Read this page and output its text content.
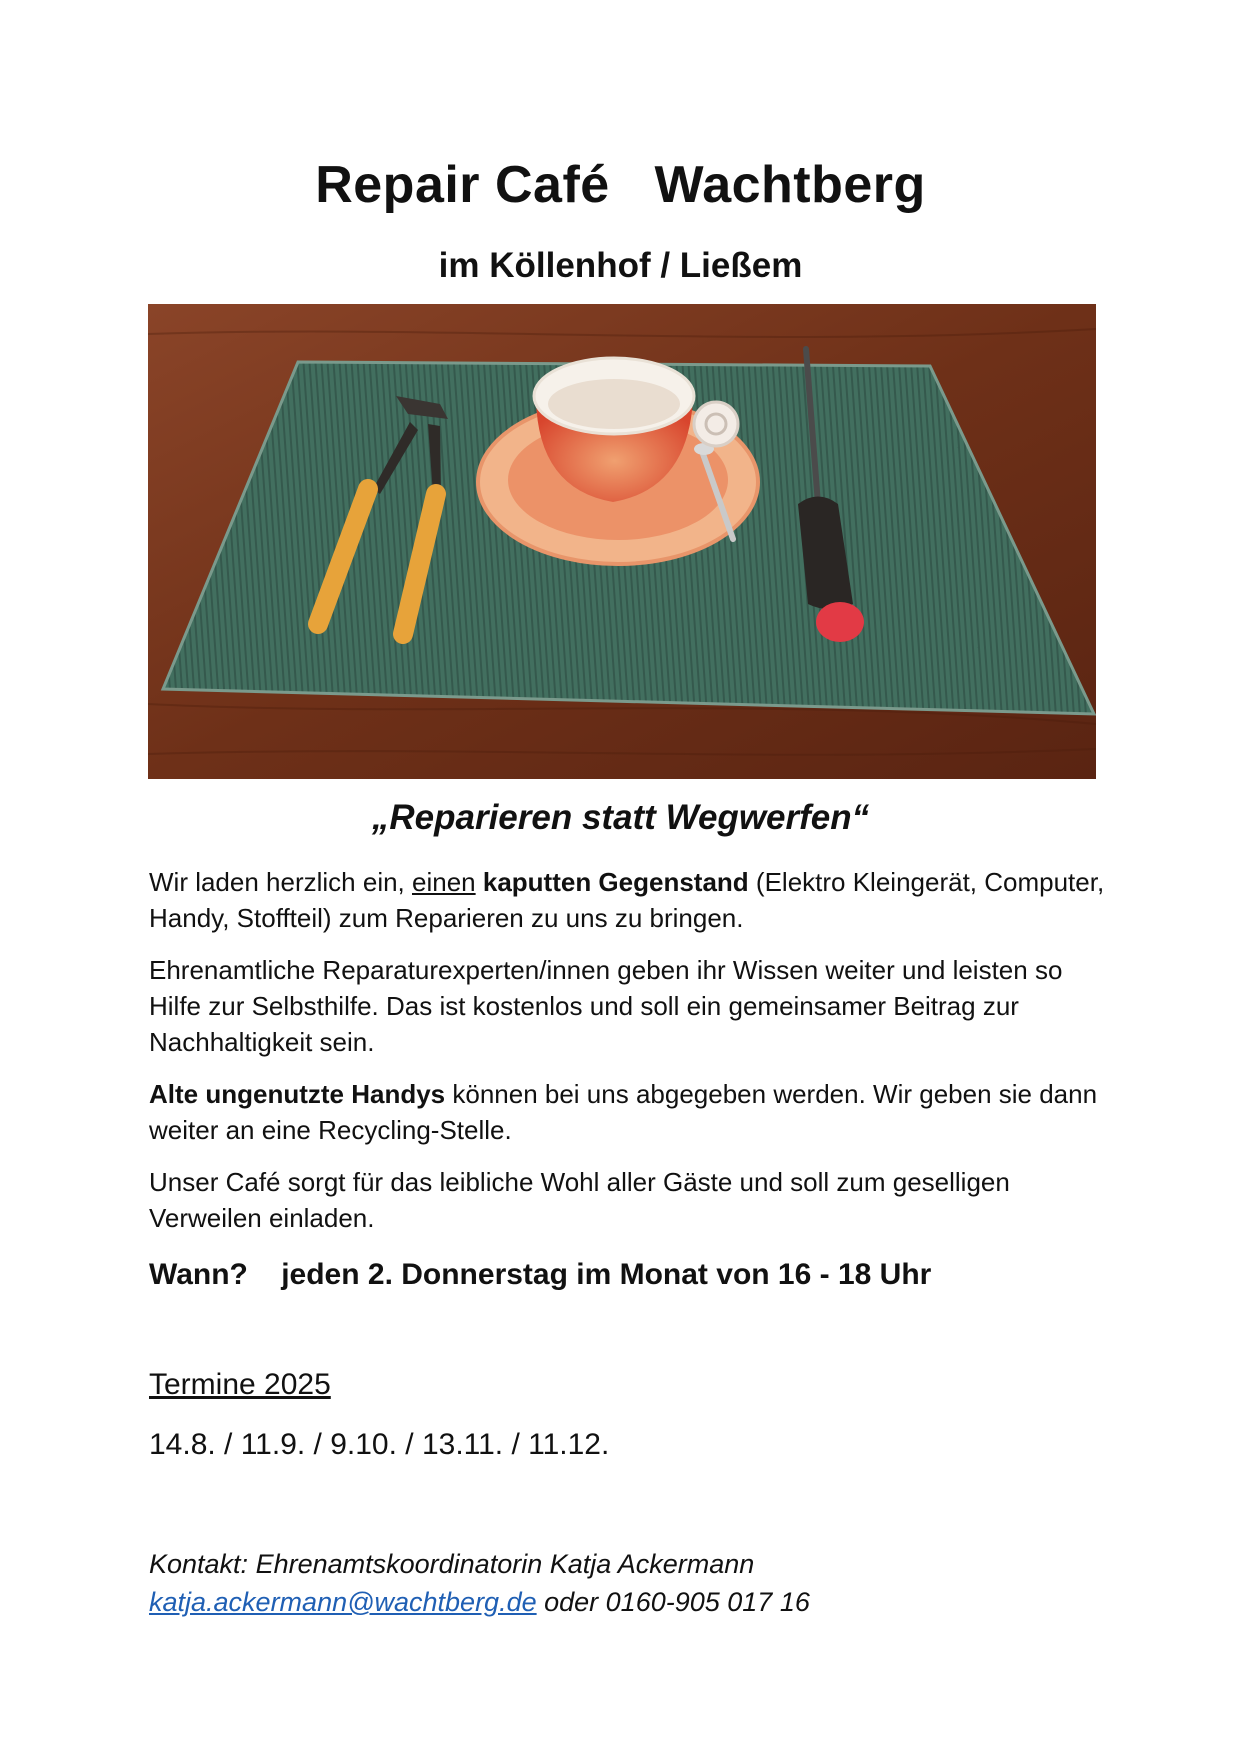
Repair Café   Wachtberg
im Köllenhof / Ließem
„Reparieren statt Wegwerfen“
Wir laden herzlich ein, einen kaputten Gegenstand (Elektro Kleingerät, Computer, Handy, Stoffteil) zum Reparieren zu uns zu bringen.
Ehrenamtliche Reparaturexperten/innen geben ihr Wissen weiter und leisten so Hilfe zur Selbsthilfe. Das ist kostenlos und soll ein gemeinsamer Beitrag zur Nachhaltigkeit sein.
Alte ungenutzte Handys können bei uns abgegeben werden. Wir geben sie dann weiter an eine Recycling-Stelle.
Unser Café sorgt für das leibliche Wohl aller Gäste und soll zum geselligen Verweilen einladen.
Wann?    jeden 2. Donnerstag im Monat von 16 - 18 Uhr
Termine 2025
14.8. / 11.9. / 9.10. / 13.11. / 11.12.
Kontakt: Ehrenamtskoordinatorin Katja Ackermann
katja.ackermann@wachtberg.de oder 0160-905 017 16
